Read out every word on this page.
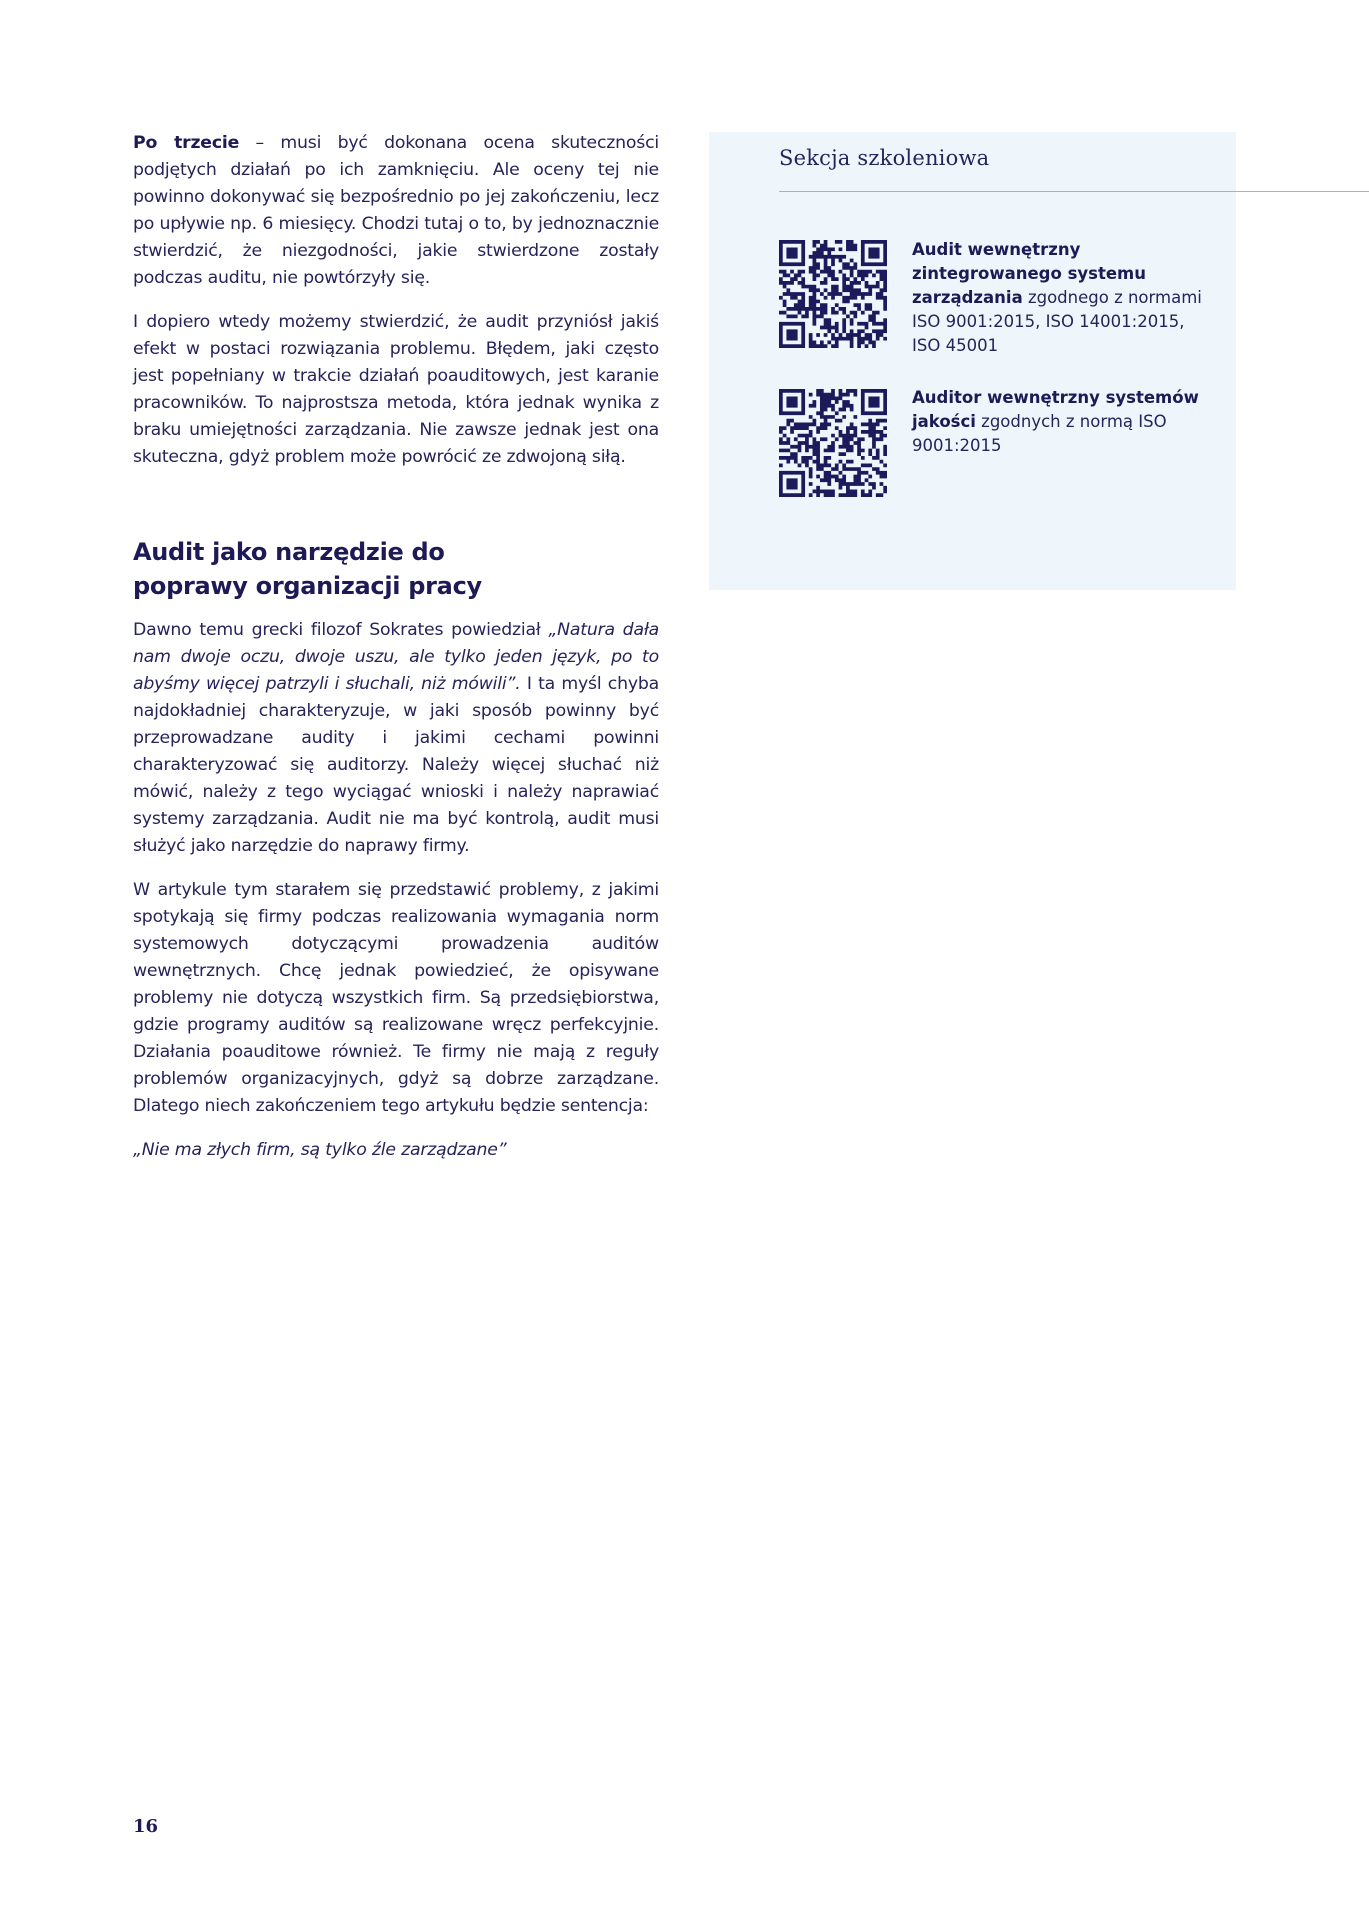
Po trzecie – musi być dokonana ocena skuteczności podjętych działań po ich zamknięciu. Ale oceny tej nie powinno dokonywać się bezpośrednio po jej zakończeniu, lecz po upływie np. 6 miesięcy. Chodzi tutaj o to, by jednoznacznie stwierdzić, że niezgodności, jakie stwierdzone zostały podczas auditu, nie powtórzyły się.

I dopiero wtedy możemy stwierdzić, że audit przyniósł jakiś efekt w postaci rozwiązania problemu. Błędem, jaki często jest popełniany w trakcie działań poauditowych, jest karanie pracowników. To najprostsza metoda, która jednak wynika z braku umiejętności zarządzania. Nie zawsze jednak jest ona skuteczna, gdyż problem może powrócić ze zdwojoną siłą.

Audit jako narzędzie do
poprawy organizacji pracy

Dawno temu grecki filozof Sokrates powiedział „Natura dała nam dwoje oczu, dwoje uszu, ale tylko jeden język, po to abyśmy więcej patrzyli i słuchali, niż mówili”. I ta myśl chyba najdokładniej charakteryzuje, w jaki sposób powinny być przeprowadzane audity i jakimi cechami powinni charakteryzować się auditorzy. Należy więcej słuchać niż mówić, należy z tego wyciągać wnioski i należy naprawiać systemy zarządzania. Audit nie ma być kontrolą, audit musi służyć jako narzędzie do naprawy firmy.

W artykule tym starałem się przedstawić problemy, z jakimi spotykają się firmy podczas realizowania wymagania norm systemowych dotyczącymi prowadzenia auditów wewnętrznych. Chcę jednak powiedzieć, że opisywane problemy nie dotyczą wszystkich firm. Są przedsiębiorstwa, gdzie programy auditów są realizowane wręcz perfekcyjnie. Działania poauditowe również. Te firmy nie mają z reguły problemów organizacyjnych, gdyż są dobrze zarządzane. Dlatego niech zakończeniem tego artykułu będzie sentencja:

„Nie ma złych firm, są tylko źle zarządzane”

Sekcja szkoleniowa
Audit wewnętrzny zintegrowanego systemu zarządzania zgodnego z normami ISO 9001:2015, ISO 14001:2015, ISO 45001
Auditor wewnętrzny systemów jakości zgodnych z normą ISO 9001:2015
16
